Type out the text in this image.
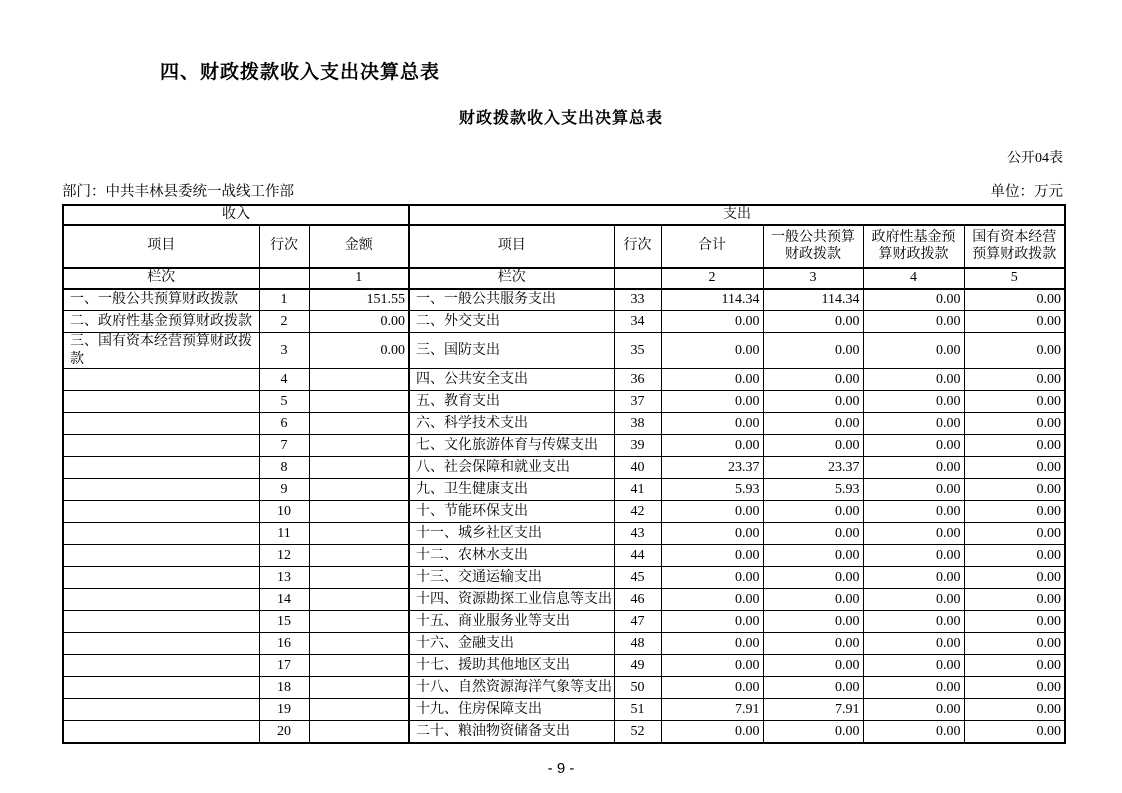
四、财政拨款收入支出决算总表
财政拨款收入支出决算总表
公开04表
部门：中共丰林县委统一战线工作部	单位：万元
收入			支出					
项目	行次	金额	项目	行次	合计	一般公共预算财政拨款	政府性基金预算财政拨款	国有资本经营预算财政拨款
栏次		1	栏次		2	3	4	5
一、一般公共预算财政拨款	1	151.55	一、一般公共服务支出	33	114.34	114.34	0.00	0.00
二、政府性基金预算财政拨款	2	0.00	二、外交支出	34	0.00	0.00	0.00	0.00
三、国有资本经营预算财政拨款	3	0.00	三、国防支出	35	0.00	0.00	0.00	0.00
	4		四、公共安全支出	36	0.00	0.00	0.00	0.00
	5		五、教育支出	37	0.00	0.00	0.00	0.00
	6		六、科学技术支出	38	0.00	0.00	0.00	0.00
	7		七、文化旅游体育与传媒支出	39	0.00	0.00	0.00	0.00
	8		八、社会保障和就业支出	40	23.37	23.37	0.00	0.00
	9		九、卫生健康支出	41	5.93	5.93	0.00	0.00
	10		十、节能环保支出	42	0.00	0.00	0.00	0.00
	11		十一、城乡社区支出	43	0.00	0.00	0.00	0.00
	12		十二、农林水支出	44	0.00	0.00	0.00	0.00
	13		十三、交通运输支出	45	0.00	0.00	0.00	0.00
	14		十四、资源勘探工业信息等支出	46	0.00	0.00	0.00	0.00
	15		十五、商业服务业等支出	47	0.00	0.00	0.00	0.00
	16		十六、金融支出	48	0.00	0.00	0.00	0.00
	17		十七、援助其他地区支出	49	0.00	0.00	0.00	0.00
	18		十八、自然资源海洋气象等支出	50	0.00	0.00	0.00	0.00
	19		十九、住房保障支出	51	7.91	7.91	0.00	0.00
	20		二十、粮油物资储备支出	52	0.00	0.00	0.00	0.00
- 9 -
